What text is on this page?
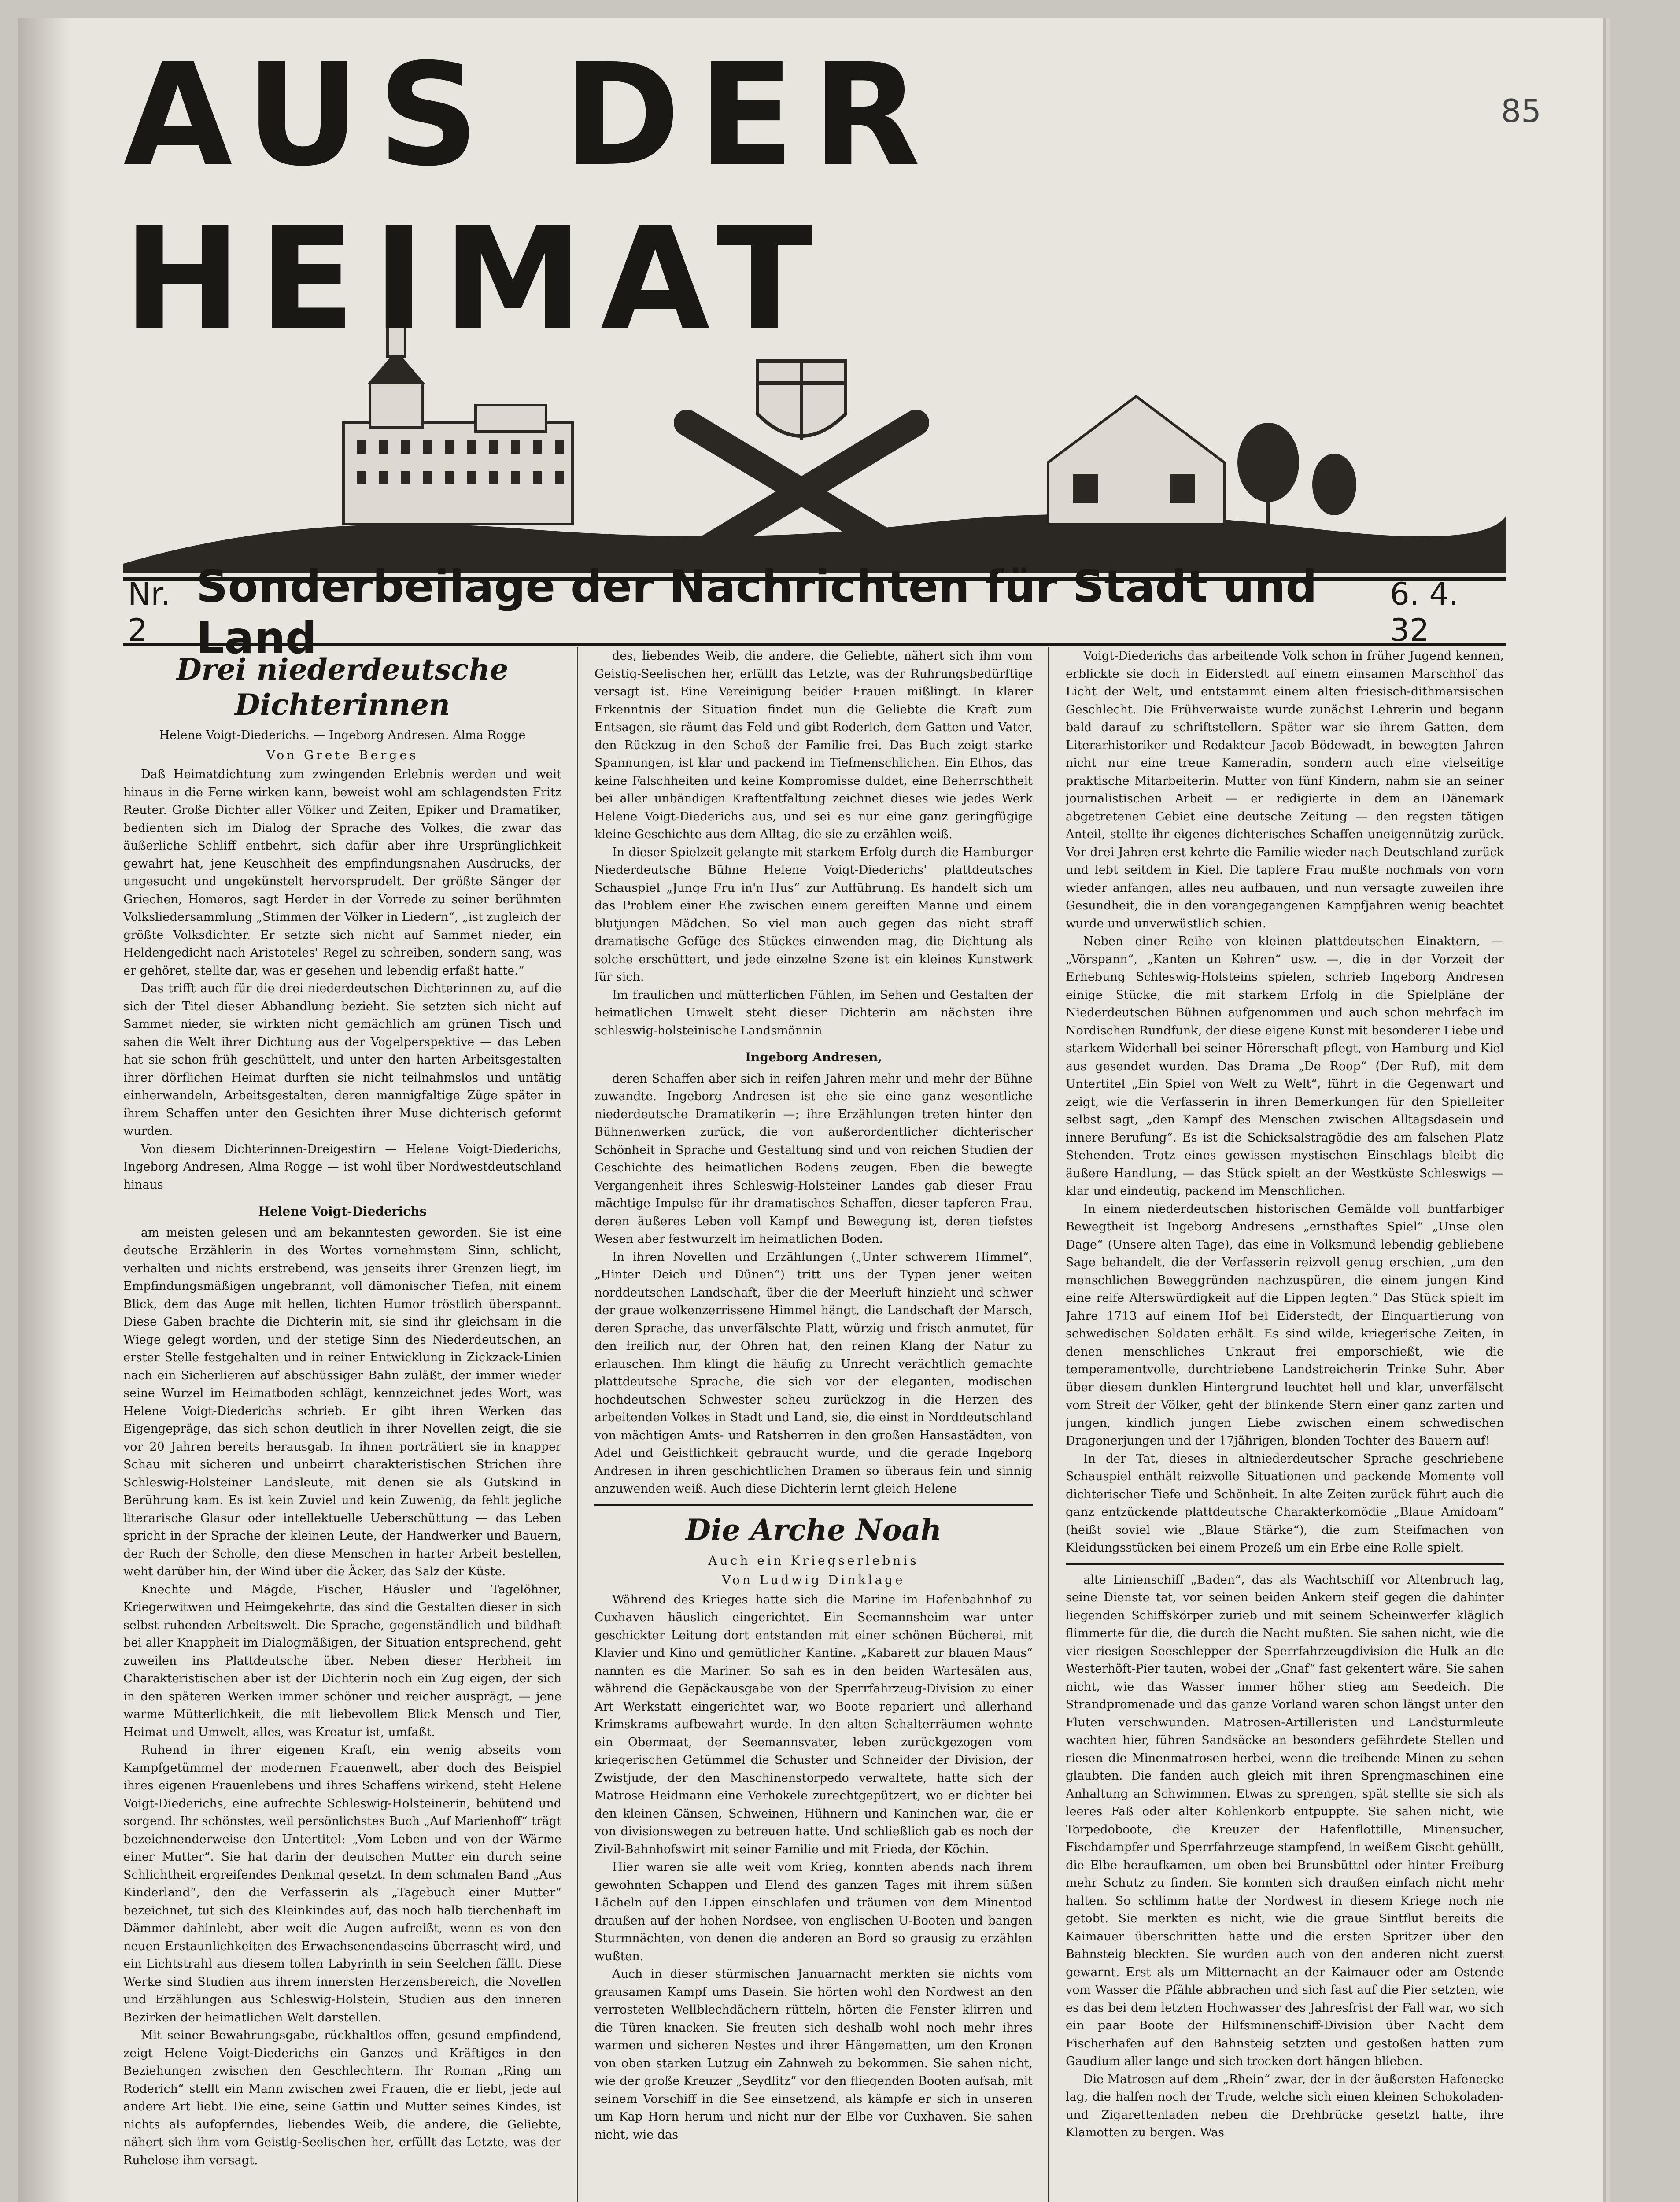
85
AUS DER HEIMAT
Nr. 2
Sonderbeilage der Nachrichten für Stadt und Land
6. 4. 32
Drei niederdeutsche Dichterinnen

Helene Voigt-Diederichs. — Ingeborg Andresen. Alma Rogge

Von Grete Berges

Daß Heimatdichtung zum zwingenden Erlebnis werden und weit hinaus in die Ferne wirken kann, beweist wohl am schlagendsten Fritz Reuter. Große Dichter aller Völker und Zeiten, Epiker und Dramatiker, bedienten sich im Dialog der Sprache des Volkes, die zwar das äußerliche Schliff entbehrt, sich dafür aber ihre Ursprünglichkeit gewahrt hat, jene Keuschheit des empfindungsnahen Ausdrucks, der ungesucht und ungekünstelt hervorsprudelt. Der größte Sänger der Griechen, Homeros, sagt Herder in der Vorrede zu seiner berühmten Volksliedersammlung „Stimmen der Völker in Liedern“, „ist zugleich der größte Volksdichter. Er setzte sich nicht auf Sammet nieder, ein Heldengedicht nach Aristoteles' Regel zu schreiben, sondern sang, was er gehöret, stellte dar, was er gesehen und lebendig erfaßt hatte.“

Das trifft auch für die drei niederdeutschen Dichterinnen zu, auf die sich der Titel dieser Abhandlung bezieht. Sie setzten sich nicht auf Sammet nieder, sie wirkten nicht gemächlich am grünen Tisch und sahen die Welt ihrer Dichtung aus der Vogelperspektive — das Leben hat sie schon früh geschüttelt, und unter den harten Arbeitsgestalten ihrer dörflichen Heimat durften sie nicht teilnahmslos und untätig einherwandeln, Arbeitsgestalten, deren mannigfaltige Züge später in ihrem Schaffen unter den Gesichten ihrer Muse dichterisch geformt wurden.

Von diesem Dichterinnen-Dreigestirn — Helene Voigt-Diederichs, Ingeborg Andresen, Alma Rogge — ist wohl über Nordwestdeutschland hinaus

Helene Voigt-Diederichs

am meisten gelesen und am bekanntesten geworden. Sie ist eine deutsche Erzählerin in des Wortes vornehmstem Sinn, schlicht, verhalten und nichts erstrebend, was jenseits ihrer Grenzen liegt, im Empfindungsmäßigen ungebrannt, voll dämonischer Tiefen, mit einem Blick, dem das Auge mit hellen, lichten Humor tröstlich überspannt. Diese Gaben brachte die Dichterin mit, sie sind ihr gleichsam in die Wiege gelegt worden, und der stetige Sinn des Niederdeutschen, an erster Stelle festgehalten und in reiner Entwicklung in Zickzack-Linien nach ein Sicherlieren auf abschüssiger Bahn zuläßt, der immer wieder seine Wurzel im Heimatboden schlägt, kennzeichnet jedes Wort, was Helene Voigt-Diederichs schrieb. Er gibt ihren Werken das Eigengepräge, das sich schon deutlich in ihrer Novellen zeigt, die sie vor 20 Jahren bereits herausgab. In ihnen porträtiert sie in knapper Schau mit sicheren und unbeirrt charakteristischen Strichen ihre Schleswig-Holsteiner Landsleute, mit denen sie als Gutskind in Berührung kam. Es ist kein Zuviel und kein Zuwenig, da fehlt jegliche literarische Glasur oder intellektuelle Ueberschüttung — das Leben spricht in der Sprache der kleinen Leute, der Handwerker und Bauern, der Ruch der Scholle, den diese Menschen in harter Arbeit bestellen, weht darüber hin, der Wind über die Äcker, das Salz der Küste.

Knechte und Mägde, Fischer, Häusler und Tagelöhner, Kriegerwitwen und Heimgekehrte, das sind die Gestalten dieser in sich selbst ruhenden Arbeitswelt. Die Sprache, gegenständlich und bildhaft bei aller Knappheit im Dialogmäßigen, der Situation entsprechend, geht zuweilen ins Plattdeutsche über. Neben dieser Herbheit im Charakteristischen aber ist der Dichterin noch ein Zug eigen, der sich in den späteren Werken immer schöner und reicher ausprägt, — jene warme Mütterlichkeit, die mit liebevollem Blick Mensch und Tier, Heimat und Umwelt, alles, was Kreatur ist, umfaßt.

Ruhend in ihrer eigenen Kraft, ein wenig abseits vom Kampfgetümmel der modernen Frauenwelt, aber doch des Beispiel ihres eigenen Frauenlebens und ihres Schaffens wirkend, steht Helene Voigt-Diederichs, eine aufrechte Schleswig-Holsteinerin, behütend und sorgend. Ihr schönstes, weil persönlichstes Buch „Auf Marienhoff“ trägt bezeichnenderweise den Untertitel: „Vom Leben und von der Wärme einer Mutter“. Sie hat darin der deutschen Mutter ein durch seine Schlichtheit ergreifendes Denkmal gesetzt. In dem schmalen Band „Aus Kinderland“, den die Verfasserin als „Tagebuch einer Mutter“ bezeichnet, tut sich des Kleinkindes auf, das noch halb tierchenhaft im Dämmer dahinlebt, aber weit die Augen aufreißt, wenn es von den neuen Erstaunlichkeiten des Erwachsenendaseins überrascht wird, und ein Lichtstrahl aus diesem tollen Labyrinth in sein Seelchen fällt. Diese Werke sind Studien aus ihrem innersten Herzensbereich, die Novellen und Erzählungen aus Schleswig-Holstein, Studien aus den inneren Bezirken der heimatlichen Welt darstellen.

Mit seiner Bewahrungsgabe, rückhaltlos offen, gesund empfindend, zeigt Helene Voigt-Diederichs ein Ganzes und Kräftiges in den Beziehungen zwischen den Geschlechtern. Ihr Roman „Ring um Roderich“ stellt ein Mann zwischen zwei Frauen, die er liebt, jede auf andere Art liebt. Die eine, seine Gattin und Mutter seines Kindes, ist nichts als aufopferndes, liebendes Weib, die andere, die Geliebte, nähert sich ihm vom Geistig-Seelischen her, erfüllt das Letzte, was der Ruhelose ihm versagt.

des, liebendes Weib, die andere, die Geliebte, nähert sich ihm vom Geistig-Seelischen her, erfüllt das Letzte, was der Ruhrungsbedürftige versagt ist. Eine Vereinigung beider Frauen mißlingt. In klarer Erkenntnis der Situation findet nun die Geliebte die Kraft zum Entsagen, sie räumt das Feld und gibt Roderich, dem Gatten und Vater, den Rückzug in den Schoß der Familie frei. Das Buch zeigt starke Spannungen, ist klar und packend im Tiefmenschlichen. Ein Ethos, das keine Falschheiten und keine Kompromisse duldet, eine Beherrschtheit bei aller unbändigen Kraftentfaltung zeichnet dieses wie jedes Werk Helene Voigt-Diederichs aus, und sei es nur eine ganz geringfügige kleine Geschichte aus dem Alltag, die sie zu erzählen weiß.

In dieser Spielzeit gelangte mit starkem Erfolg durch die Hamburger Niederdeutsche Bühne Helene Voigt-Diederichs' plattdeutsches Schauspiel „Junge Fru in'n Hus“ zur Aufführung. Es handelt sich um das Problem einer Ehe zwischen einem gereiften Manne und einem blutjungen Mädchen. So viel man auch gegen das nicht straff dramatische Gefüge des Stückes einwenden mag, die Dichtung als solche erschüttert, und jede einzelne Szene ist ein kleines Kunstwerk für sich.

Im fraulichen und mütterlichen Fühlen, im Sehen und Gestalten der heimatlichen Umwelt steht dieser Dichterin am nächsten ihre schleswig-holsteinische Landsmännin

Ingeborg Andresen,

deren Schaffen aber sich in reifen Jahren mehr und mehr der Bühne zuwandte. Ingeborg Andresen ist ehe sie eine ganz wesentliche niederdeutsche Dramatikerin —; ihre Erzählungen treten hinter den Bühnenwerken zurück, die von außerordentlicher dichterischer Schönheit in Sprache und Gestaltung sind und von reichen Studien der Geschichte des heimatlichen Bodens zeugen. Eben die bewegte Vergangenheit ihres Schleswig-Holsteiner Landes gab dieser Frau mächtige Impulse für ihr dramatisches Schaffen, dieser tapferen Frau, deren äußeres Leben voll Kampf und Bewegung ist, deren tiefstes Wesen aber festwurzelt im heimatlichen Boden.

In ihren Novellen und Erzählungen („Unter schwerem Himmel“, „Hinter Deich und Dünen“) tritt uns der Typen jener weiten norddeutschen Landschaft, über die der Meerluft hinzieht und schwer der graue wolkenzerrissene Himmel hängt, die Landschaft der Marsch, deren Sprache, das unverfälschte Platt, würzig und frisch anmutet, für den freilich nur, der Ohren hat, den reinen Klang der Natur zu erlauschen. Ihm klingt die häufig zu Unrecht verächtlich gemachte plattdeutsche Sprache, die sich vor der eleganten, modischen hochdeutschen Schwester scheu zurückzog in die Herzen des arbeitenden Volkes in Stadt und Land, sie, die einst in Norddeutschland von mächtigen Amts- und Ratsherren in den großen Hansastädten, von Adel und Geistlichkeit gebraucht wurde, und die gerade Ingeborg Andresen in ihren geschichtlichen Dramen so überaus fein und sinnig anzuwenden weiß. Auch diese Dichterin lernt gleich Helene

Die Arche Noah
Auch ein Kriegserlebnis
Von Ludwig Dinklage

Während des Krieges hatte sich die Marine im Hafenbahnhof zu Cuxhaven häuslich eingerichtet. Ein Seemannsheim war unter geschickter Leitung dort entstanden mit einer schönen Bücherei, mit Klavier und Kino und gemütlicher Kantine. „Kabarett zur blauen Maus“ nannten es die Mariner. So sah es in den beiden Wartesälen aus, während die Gepäckausgabe von der Sperrfahrzeug-Division zu einer Art Werkstatt eingerichtet war, wo Boote repariert und allerhand Krimskrams aufbewahrt wurde. In den alten Schalterräumen wohnte ein Obermaat, der Seemannsvater, leben zurückgezogen vom kriegerischen Getümmel die Schuster und Schneider der Division, der Zwistjude, der den Maschinenstorpedo verwaltete, hatte sich der Matrose Heidmann eine Verhokele zurechtgepützert, wo er dichter bei den kleinen Gänsen, Schweinen, Hühnern und Kaninchen war, die er von divisionswegen zu betreuen hatte. Und schließlich gab es noch der Zivil-Bahnhofswirt mit seiner Familie und mit Frieda, der Köchin.

Hier waren sie alle weit vom Krieg, konnten abends nach ihrem gewohnten Schappen und Elend des ganzen Tages mit ihrem süßen Lächeln auf den Lippen einschlafen und träumen von dem Minentod draußen auf der hohen Nordsee, von englischen U-Booten und bangen Sturmnächten, von denen die anderen an Bord so grausig zu erzählen wußten.

Auch in dieser stürmischen Januarnacht merkten sie nichts vom grausamen Kampf ums Dasein. Sie hörten wohl den Nordwest an den verrosteten Wellblechdächern rütteln, hörten die Fenster klirren und die Türen knacken. Sie freuten sich deshalb wohl noch mehr ihres warmen und sicheren Nestes und ihrer Hängematten, um den Kronen von oben starken Lutzug ein Zahnweh zu bekommen. Sie sahen nicht, wie der große Kreuzer „Seydlitz“ vor den fliegenden Booten aufsah, mit seinem Vorschiff in die See einsetzend, als kämpfe er sich in unseren um Kap Horn herum und nicht nur der Elbe vor Cuxhaven. Sie sahen nicht, wie das

Voigt-Diederichs das arbeitende Volk schon in früher Jugend kennen, erblickte sie doch in Eiderstedt auf einem einsamen Marschhof das Licht der Welt, und entstammt einem alten friesisch-dithmarsischen Geschlecht. Die Frühverwaiste wurde zunächst Lehrerin und begann bald darauf zu schriftstellern. Später war sie ihrem Gatten, dem Literarhistoriker und Redakteur Jacob Bödewadt, in bewegten Jahren nicht nur eine treue Kameradin, sondern auch eine vielseitige praktische Mitarbeiterin. Mutter von fünf Kindern, nahm sie an seiner journalistischen Arbeit — er redigierte in dem an Dänemark abgetretenen Gebiet eine deutsche Zeitung — den regsten tätigen Anteil, stellte ihr eigenes dichterisches Schaffen uneigennützig zurück. Vor drei Jahren erst kehrte die Familie wieder nach Deutschland zurück und lebt seitdem in Kiel. Die tapfere Frau mußte nochmals von vorn wieder anfangen, alles neu aufbauen, und nun versagte zuweilen ihre Gesundheit, die in den vorangegangenen Kampfjahren wenig beachtet wurde und unverwüstlich schien.

Neben einer Reihe von kleinen plattdeutschen Einaktern, — „Vörspann“, „Kanten un Kehren“ usw. —, die in der Vorzeit der Erhebung Schleswig-Holsteins spielen, schrieb Ingeborg Andresen einige Stücke, die mit starkem Erfolg in die Spielpläne der Niederdeutschen Bühnen aufgenommen und auch schon mehrfach im Nordischen Rundfunk, der diese eigene Kunst mit besonderer Liebe und starkem Widerhall bei seiner Hörerschaft pflegt, von Hamburg und Kiel aus gesendet wurden. Das Drama „De Roop“ (Der Ruf), mit dem Untertitel „Ein Spiel von Welt zu Welt“, führt in die Gegenwart und zeigt, wie die Verfasserin in ihren Bemerkungen für den Spielleiter selbst sagt, „den Kampf des Menschen zwischen Alltagsdasein und innere Berufung“. Es ist die Schicksalstragödie des am falschen Platz Stehenden. Trotz eines gewissen mystischen Einschlags bleibt die äußere Handlung, — das Stück spielt an der Westküste Schleswigs — klar und eindeutig, packend im Menschlichen.

In einem niederdeutschen historischen Gemälde voll buntfarbiger Bewegtheit ist Ingeborg Andresens „ernsthaftes Spiel“ „Unse olen Dage“ (Unsere alten Tage), das eine in Volksmund lebendig gebliebene Sage behandelt, die der Verfasserin reizvoll genug erschien, „um den menschlichen Beweggründen nachzuspüren, die einem jungen Kind eine reife Alterswürdigkeit auf die Lippen legten.“ Das Stück spielt im Jahre 1713 auf einem Hof bei Eiderstedt, der Einquartierung von schwedischen Soldaten erhält. Es sind wilde, kriegerische Zeiten, in denen menschliches Unkraut frei emporschießt, wie die temperamentvolle, durchtriebene Landstreicherin Trinke Suhr. Aber über diesem dunklen Hintergrund leuchtet hell und klar, unverfälscht vom Streit der Völker, geht der blinkende Stern einer ganz zarten und jungen, kindlich jungen Liebe zwischen einem schwedischen Dragonerjungen und der 17jährigen, blonden Tochter des Bauern auf!

In der Tat, dieses in altniederdeutscher Sprache geschriebene Schauspiel enthält reizvolle Situationen und packende Momente voll dichterischer Tiefe und Schönheit. In alte Zeiten zurück führt auch die ganz entzückende plattdeutsche Charakterkomödie „Blaue Amidoam“ (heißt soviel wie „Blaue Stärke“), die zum Steifmachen von Kleidungsstücken bei einem Prozeß um ein Erbe eine Rolle spielt.

alte Linienschiff „Baden“, das als Wachtschiff vor Altenbruch lag, seine Dienste tat, vor seinen beiden Ankern steif gegen die dahinter liegenden Schiffskörper zurieb und mit seinem Scheinwerfer kläglich flimmerte für die, die durch die Nacht mußten. Sie sahen nicht, wie die vier riesigen Seeschlepper der Sperrfahrzeugdivision die Hulk an die Westerhöft-Pier tauten, wobei der „Gnaf“ fast gekentert wäre. Sie sahen nicht, wie das Wasser immer höher stieg am Seedeich. Die Strandpromenade und das ganze Vorland waren schon längst unter den Fluten verschwunden. Matrosen-Artilleristen und Landsturmleute wachten hier, führen Sandsäcke an besonders gefährdete Stellen und riesen die Minenmatrosen herbei, wenn die treibende Minen zu sehen glaubten. Die fanden auch gleich mit ihren Sprengmaschinen eine Anhaltung an Schwimmen. Etwas zu sprengen, spät stellte sie sich als leeres Faß oder alter Kohlenkorb entpuppte. Sie sahen nicht, wie Torpedoboote, die Kreuzer der Hafenflottille, Minensucher, Fischdampfer und Sperrfahrzeuge stampfend, in weißem Gischt gehüllt, die Elbe heraufkamen, um oben bei Brunsbüttel oder hinter Freiburg mehr Schutz zu finden. Sie konnten sich draußen einfach nicht mehr halten. So schlimm hatte der Nordwest in diesem Kriege noch nie getobt. Sie merkten es nicht, wie die graue Sintflut bereits die Kaimauer überschritten hatte und die ersten Spritzer über den Bahnsteig bleckten. Sie wurden auch von den anderen nicht zuerst gewarnt. Erst als um Mitternacht an der Kaimauer oder am Ostende vom Wasser die Pfähle abbrachen und sich fast auf die Pier setzten, wie es das bei dem letzten Hochwasser des Jahresfrist der Fall war, wo sich ein paar Boote der Hilfsminenschiff-Division über Nacht dem Fischerhafen auf den Bahnsteig setzten und gestoßen hatten zum Gaudium aller lange und sich trocken dort hängen blieben.

Die Matrosen auf dem „Rhein“ zwar, der in der äußersten Hafenecke lag, die halfen noch der Trude, welche sich einen kleinen Schokoladen- und Zigarettenladen neben die Drehbrücke gesetzt hatte, ihre Klamotten zu bergen. Was
